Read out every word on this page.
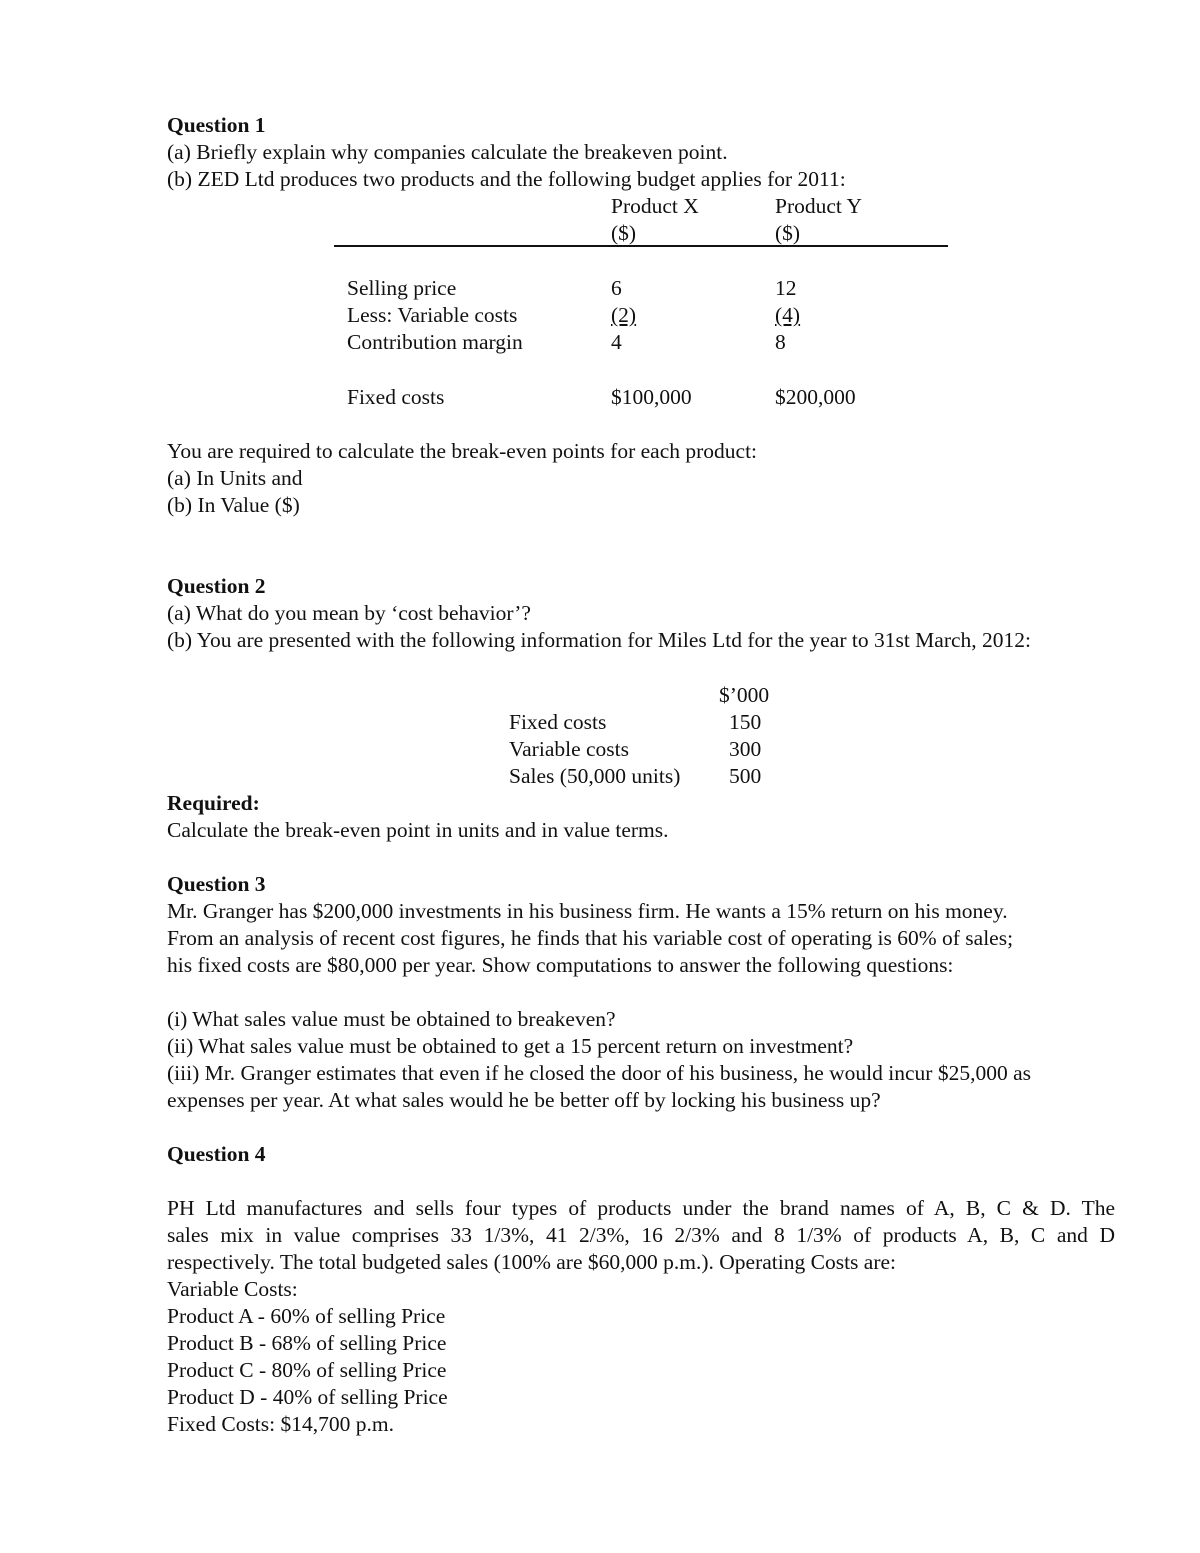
Question 1
(a) Briefly explain why companies calculate the breakeven point.
(b) ZED Ltd produces two products and the following budget applies for 2011:
Product X	Product Y
($)	($)
Selling price	6	12
Less: Variable costs	(2)	(4)
Contribution margin	4	8
Fixed costs	$100,000	$200,000
You are required to calculate the break-even points for each product:
(a) In Units and
(b) In Value ($)
Question 2
(a) What do you mean by ‘cost behavior’?
(b) You are presented with the following information for Miles Ltd for the year to 31st March, 2012:
$’000
Fixed costs	150
Variable costs	300
Sales (50,000 units) 500
Required:
Calculate the break-even point in units and in value terms.
Question 3
Mr. Granger has $200,000 investments in his business firm. He wants a 15% return on his money.
From an analysis of recent cost figures, he finds that his variable cost of operating is 60% of sales;
his fixed costs are $80,000 per year. Show computations to answer the following questions:
(i) What sales value must be obtained to breakeven?
(ii) What sales value must be obtained to get a 15 percent return on investment?
(iii) Mr. Granger estimates that even if he closed the door of his business, he would incur $25,000 as
expenses per year. At what sales would he be better off by locking his business up?
Question 4
PH Ltd manufactures and sells four types of products under the brand names of A, B, C & D. The
sales mix in value comprises 33 1/3%, 41 2/3%, 16 2/3% and 8 1/3% of products A, B, C and D
respectively. The total budgeted sales (100% are $60,000 p.m.). Operating Costs are:
Variable Costs:
Product A - 60% of selling Price
Product B - 68% of selling Price
Product C - 80% of selling Price
Product D - 40% of selling Price
Fixed Costs: $14,700 p.m.
